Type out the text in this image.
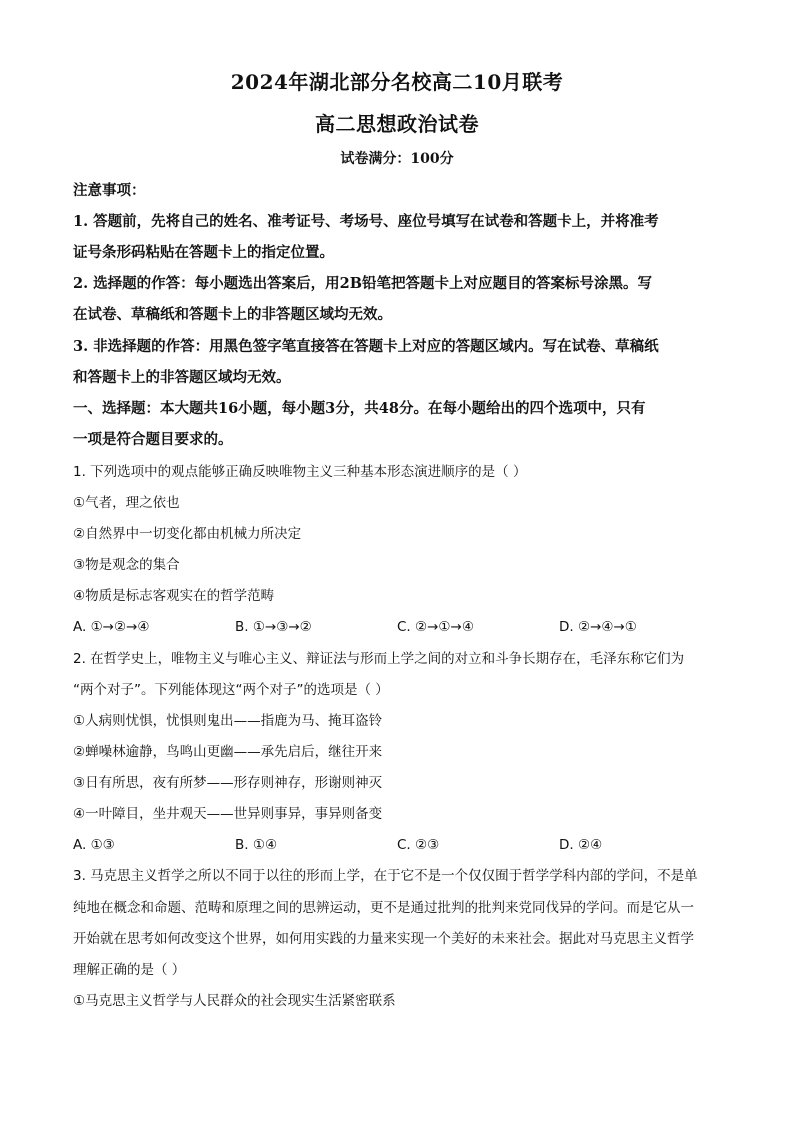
2024年湖北部分名校高二10月联考
高二思想政治试卷
试卷满分：100分
注意事项：
1. 答题前，先将自己的姓名、准考证号、考场号、座位号填写在试卷和答题卡上，并将准考
证号条形码粘贴在答题卡上的指定位置。
2. 选择题的作答：每小题选出答案后，用2B铅笔把答题卡上对应题目的答案标号涂黑。写
在试卷、草稿纸和答题卡上的非答题区域均无效。
3. 非选择题的作答：用黑色签字笔直接答在答题卡上对应的答题区域内。写在试卷、草稿纸
和答题卡上的非答题区域均无效。
一、选择题：本大题共16小题，每小题3分，共48分。在每小题给出的四个选项中，只有
一项是符合题目要求的。
1. 下列选项中的观点能够正确反映唯物主义三种基本形态演进顺序的是（ ）
①气者，理之依也
②自然界中一切变化都由机械力所决定
③物是观念的集合
④物质是标志客观实在的哲学范畴
A. ①→②→④	B. ①→③→②	C. ②→①→④	D. ②→④→①
2. 在哲学史上，唯物主义与唯心主义、辩证法与形而上学之间的对立和斗争长期存在，毛泽东称它们为
“两个对子”。下列能体现这“两个对子”的选项是（ ）
①人病则忧惧，忧惧则鬼出——指鹿为马、掩耳盗铃
②蝉噪林逾静，鸟鸣山更幽——承先启后，继往开来
③日有所思，夜有所梦——形存则神存，形谢则神灭
④一叶障目，坐井观天——世异则事异，事异则备变
A. ①③	B. ①④	C. ②③	D. ②④
3. 马克思主义哲学之所以不同于以往的形而上学，在于它不是一个仅仅囿于哲学学科内部的学问，不是单
纯地在概念和命题、范畴和原理之间的思辨运动，更不是通过批判的批判来党同伐异的学问。而是它从一
开始就在思考如何改变这个世界，如何用实践的力量来实现一个美好的未来社会。据此对马克思主义哲学
理解正确的是（ ）
①马克思主义哲学与人民群众的社会现实生活紧密联系
